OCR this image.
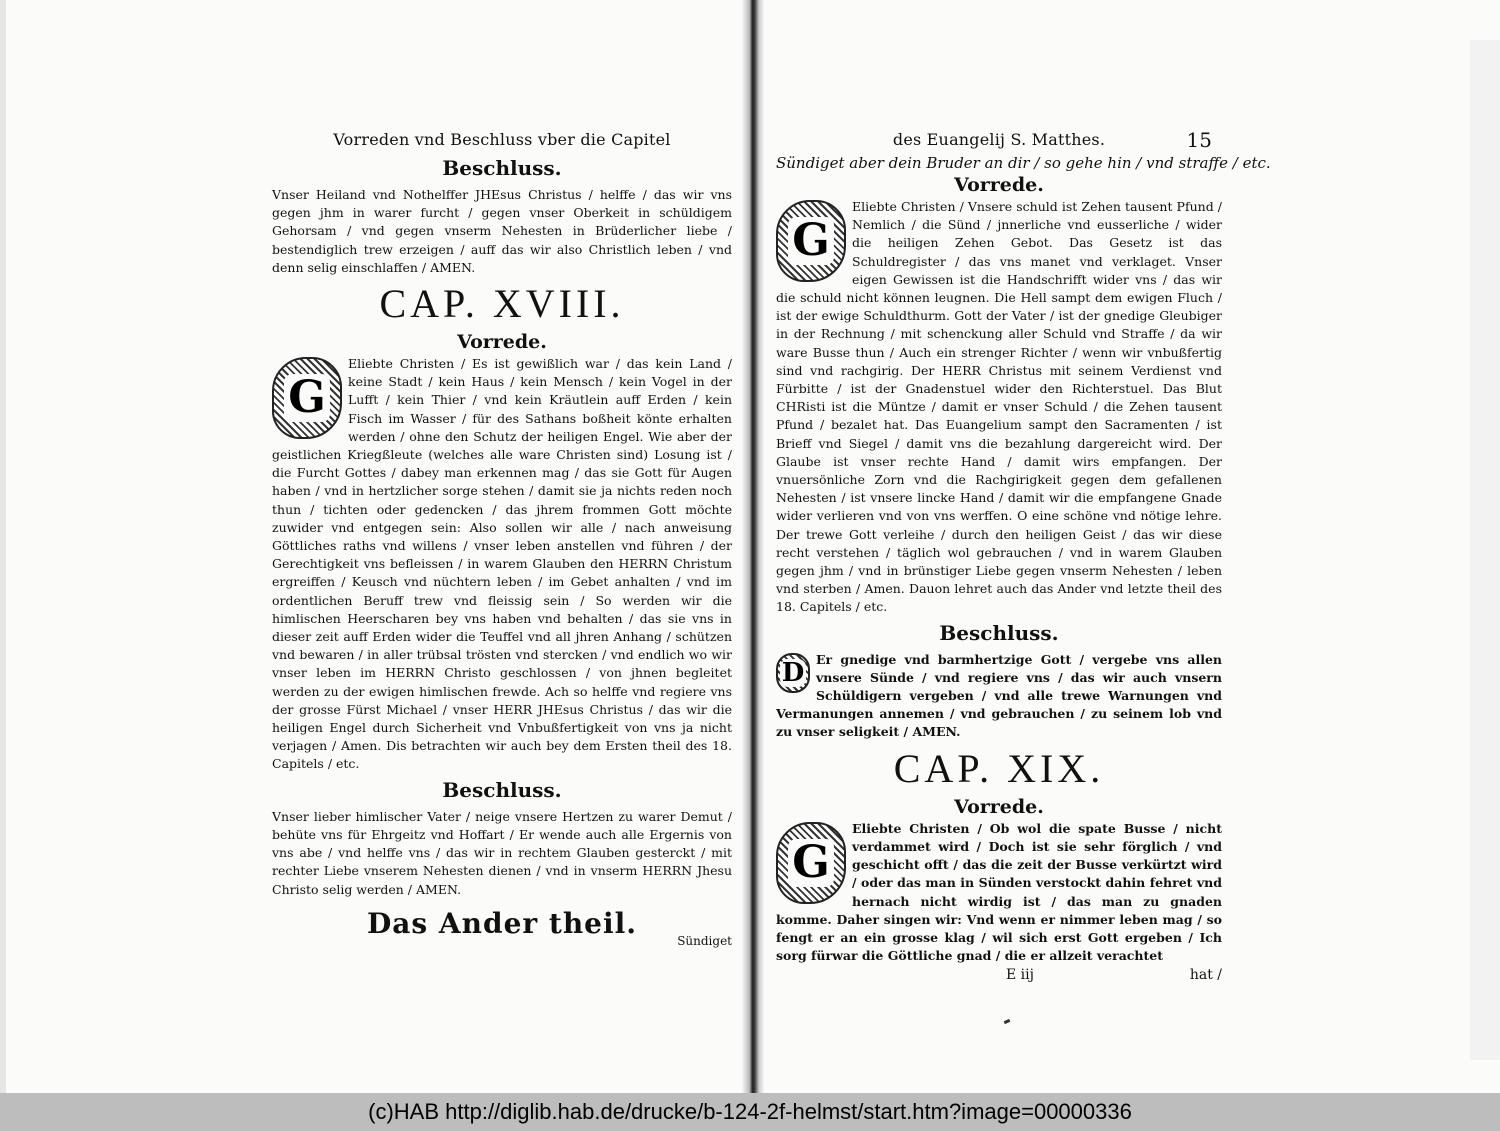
Vorreden vnd Beschluss vber die Capitel
Beschluss.
Vnser Heiland vnd Nothelffer JHEsus Christus / helffe / das wir vns gegen jhm in warer furcht / gegen vnser Oberkeit in schüldigem Gehorsam / vnd gegen vnserm Nehesten in Brüderlicher liebe / bestendiglich trew erzeigen / auff das wir also Christlich leben / vnd denn selig einschlaffen / AMEN.
CAP. XVIII.
Vorrede.
G
Eliebte Christen / Es ist gewißlich war / das kein Land / keine Stadt / kein Haus / kein Mensch / kein Vogel in der Lufft / kein Thier / vnd kein Kräutlein auff Erden / kein Fisch im Wasser / für des Sathans boßheit könte erhalten werden / ohne den Schutz der heiligen Engel. Wie aber der geistlichen Kriegßleute (welches alle ware Christen sind) Losung ist / die Furcht Gottes / dabey man erkennen mag / das sie Gott für Augen haben / vnd in hertzlicher sorge stehen / damit sie ja nichts reden noch thun / tichten oder gedencken / das jhrem frommen Gott möchte zuwider vnd entgegen sein: Also sollen wir alle / nach anweisung Göttliches raths vnd willens / vnser leben anstellen vnd führen / der Gerechtigkeit vns befleissen / in warem Glauben den HERRN Christum ergreiffen / Keusch vnd nüchtern leben / im Gebet anhalten / vnd im ordentlichen Beruff trew vnd fleissig sein / So werden wir die himlischen Heerscharen bey vns haben vnd behalten / das sie vns in dieser zeit auff Erden wider die Teuffel vnd all jhren Anhang / schützen vnd bewaren / in aller trübsal trösten vnd stercken / vnd endlich wo wir vnser leben im HERRN Christo geschlossen / von jhnen begleitet werden zu der ewigen himlischen frewde. Ach so helffe vnd regiere vns der grosse Fürst Michael / vnser HERR JHEsus Christus / das wir die heiligen Engel durch Sicherheit vnd Vnbußfertigkeit von vns ja nicht verjagen / Amen. Dis betrachten wir auch bey dem Ersten theil des 18. Capitels / etc.
Beschluss.
Vnser lieber himlischer Vater / neige vnsere Hertzen zu warer Demut / behüte vns für Ehrgeitz vnd Hoffart / Er wende auch alle Ergernis von vns abe / vnd helffe vns / das wir in rechtem Glauben gesterckt / mit rechter Liebe vnserem Nehesten dienen / vnd in vnserm HERRN Jhesu Christo selig werden / AMEN.
Das Ander theil.
Sündiget
des Euangelij S. Matthes.	15
Sündiget aber dein Bruder an dir / so gehe hin / vnd straffe / etc.
Vorrede.
G
Eliebte Christen / Vnsere schuld ist Zehen tausent Pfund / Nemlich / die Sünd / jnnerliche vnd eusserliche / wider die heiligen Zehen Gebot. Das Gesetz ist das Schuldregister / das vns manet vnd verklaget. Vnser eigen Gewissen ist die Handschrifft wider vns / das wir die schuld nicht können leugnen. Die Hell sampt dem ewigen Fluch / ist der ewige Schuldthurm. Gott der Vater / ist der gnedige Gleubiger in der Rechnung / mit schenckung aller Schuld vnd Straffe / da wir ware Busse thun / Auch ein strenger Richter / wenn wir vnbußfertig sind vnd rachgirig. Der HERR Christus mit seinem Verdienst vnd Fürbitte / ist der Gnadenstuel wider den Richterstuel. Das Blut CHRisti ist die Müntze / damit er vnser Schuld / die Zehen tausent Pfund / bezalet hat. Das Euangelium sampt den Sacramenten / ist Brieff vnd Siegel / damit vns die bezahlung dargereicht wird. Der Glaube ist vnser rechte Hand / damit wirs empfangen. Der vnuersönliche Zorn vnd die Rachgirigkeit gegen dem gefallenen Nehesten / ist vnsere lincke Hand / damit wir die empfangene Gnade wider verlieren vnd von vns werffen. O eine schöne vnd nötige lehre. Der trewe Gott verleihe / durch den heiligen Geist / das wir diese recht verstehen / täglich wol gebrauchen / vnd in warem Glauben gegen jhm / vnd in brünstiger Liebe gegen vnserm Nehesten / leben vnd sterben / Amen. Dauon lehret auch das Ander vnd letzte theil des 18. Capitels / etc.
Beschluss.
D Er gnedige vnd barmhertzige Gott / vergebe vns allen vnsere Sünde / vnd regiere vns / das wir auch vnsern Schüldigern vergeben / vnd alle trewe Warnungen vnd Vermanungen annemen / vnd gebrauchen / zu seinem lob vnd zu vnser seligkeit / AMEN.
CAP. XIX.
Vorrede.
G
Eliebte Christen / Ob wol die spate Busse / nicht verdammet wird / Doch ist sie sehr förglich / vnd geschicht offt / das die zeit der Busse verkürtzt wird / oder das man in Sünden verstockt dahin fehret vnd hernach nicht wirdig ist / das man zu gnaden komme. Daher singen wir: Vnd wenn er nimmer leben mag / so fengt er an ein grosse klag / wil sich erst Gott ergeben / Ich sorg fürwar die Göttliche gnad / die er allzeit verachtet
E iij	hat /
(c)HAB http://diglib.hab.de/drucke/b-124-2f-helmst/start.htm?image=00000336
